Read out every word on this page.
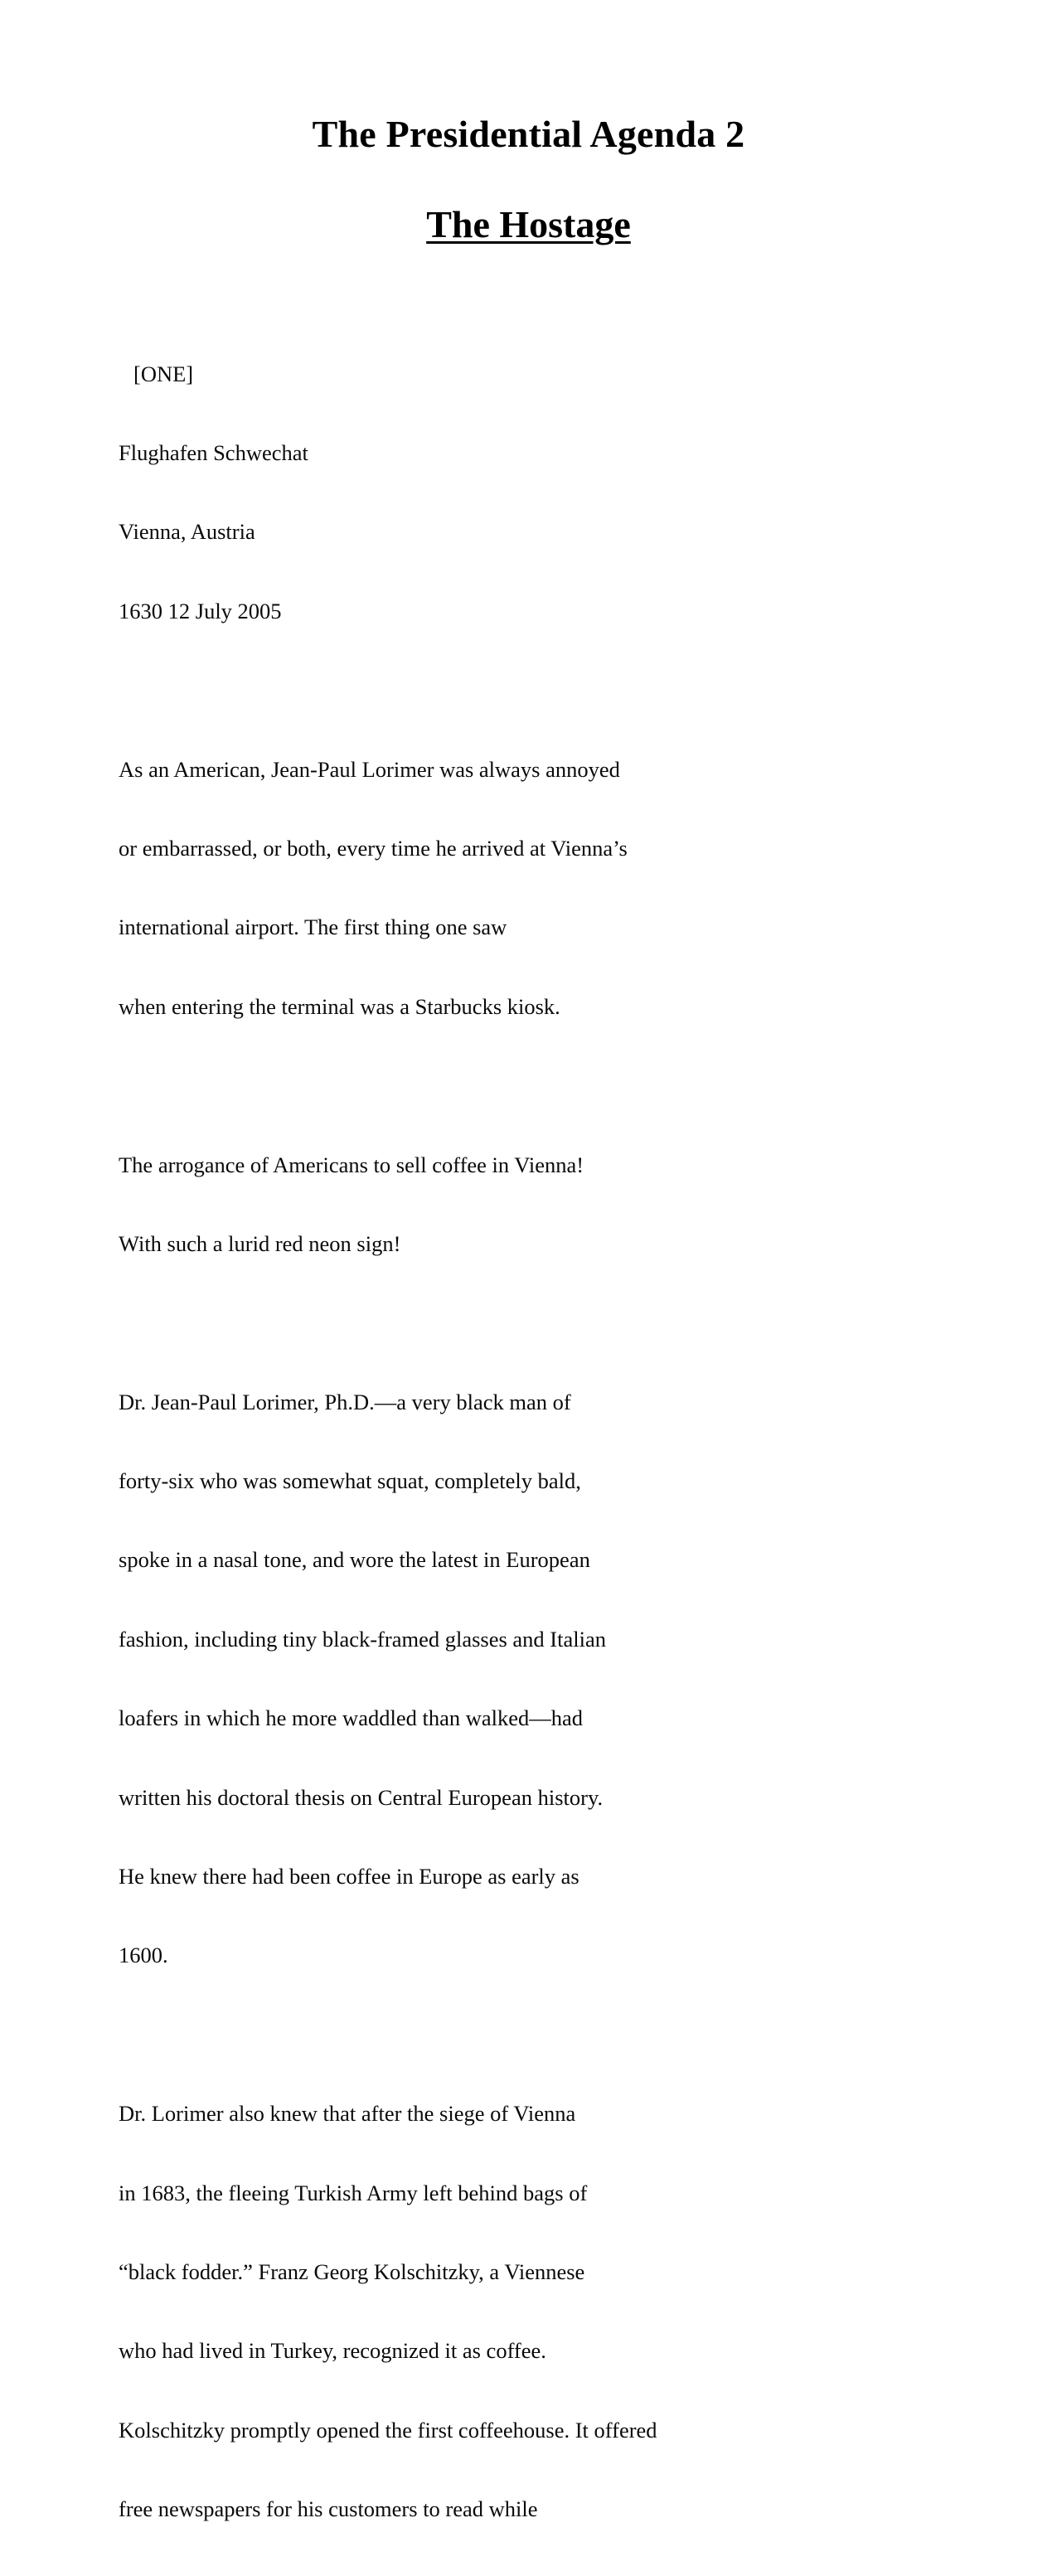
The Presidential Agenda 2
The Hostage

[ONE]

Flughafen Schwechat

Vienna, Austria

1630 12 July 2005

As an American, Jean-Paul Lorimer was always annoyed

or embarrassed, or both, every time he arrived at Vienna’s

international airport. The first thing one saw

when entering the terminal was a Starbucks kiosk.

The arrogance of Americans to sell coffee in Vienna!

With such a lurid red neon sign!

Dr. Jean-Paul Lorimer, Ph.D.—a very black man of

forty-six who was somewhat squat, completely bald,

spoke in a nasal tone, and wore the latest in European

fashion, including tiny black-framed glasses and Italian

loafers in which he more waddled than walked—had

written his doctoral thesis on Central European history.

He knew there had been coffee in Europe as early as

1600.

Dr. Lorimer also knew that after the siege of Vienna

in 1683, the fleeing Turkish Army left behind bags of

“black fodder.” Franz Georg Kolschitzky, a Viennese

who had lived in Turkey, recognized it as coffee.

Kolschitzky promptly opened the first coffeehouse. It offered

free newspapers for his customers to read while
